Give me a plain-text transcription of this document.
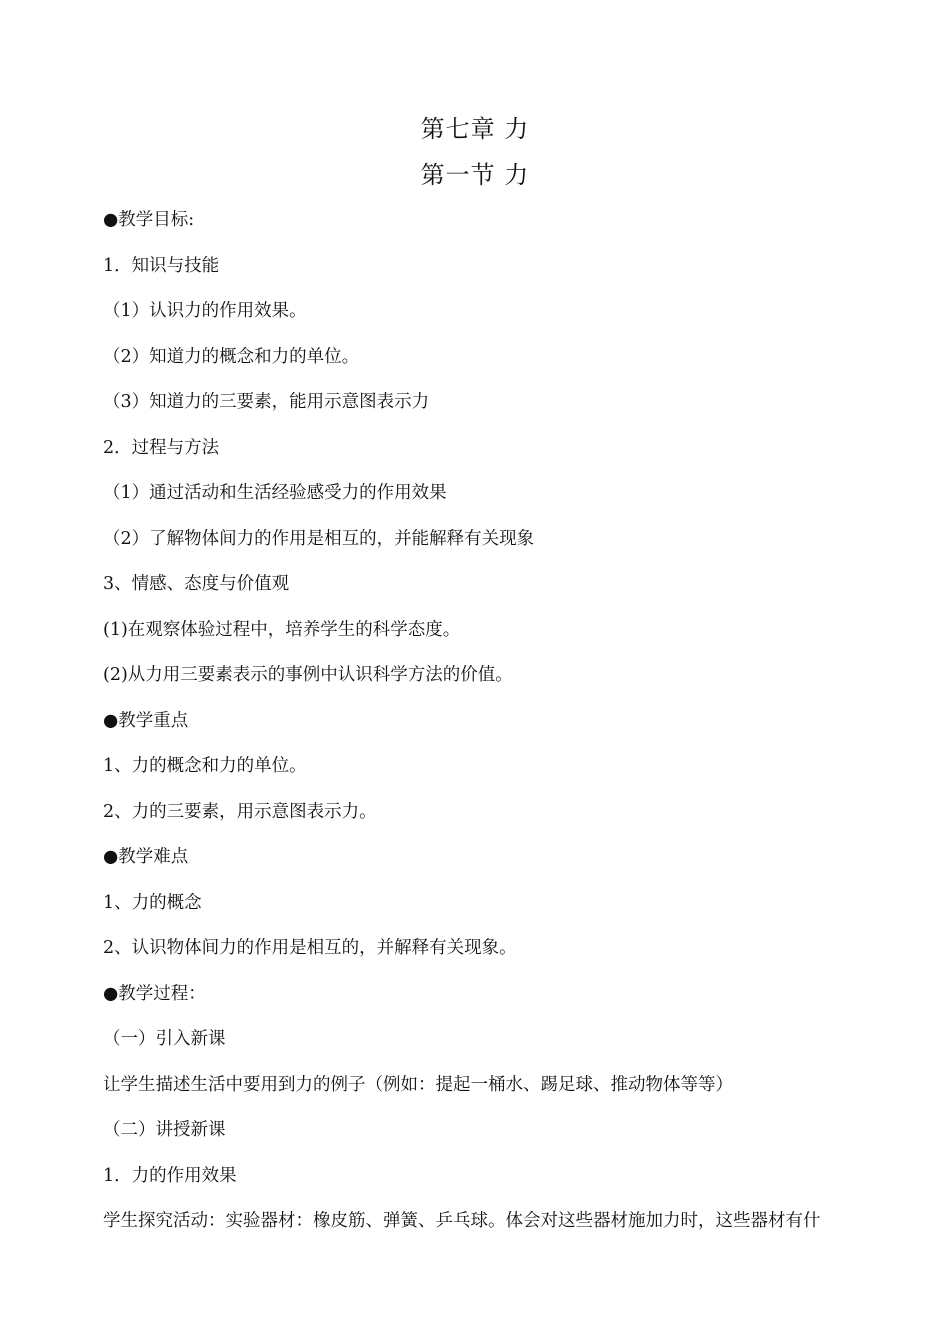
第七章 力
第一节 力
●教学目标:
1．知识与技能
（1）认识力的作用效果。
（2）知道力的概念和力的单位。
（3）知道力的三要素，能用示意图表示力
2．过程与方法
（1）通过活动和生活经验感受力的作用效果
（2）了解物体间力的作用是相互的，并能解释有关现象
3、情感、态度与价值观
(1)在观察体验过程中，培养学生的科学态度。
(2)从力用三要素表示的事例中认识科学方法的价值。
●教学重点
1、力的概念和力的单位。
2、力的三要素，用示意图表示力。
●教学难点
1、力的概念
2、认识物体间力的作用是相互的，并解释有关现象。
●教学过程：
（一）引入新课
让学生描述生活中要用到力的例子（例如：提起一桶水、踢足球、推动物体等等）
（二）讲授新课
1．力的作用效果
学生探究活动：实验器材：橡皮筋、弹簧、乒乓球。体会对这些器材施加力时，这些器材有什
